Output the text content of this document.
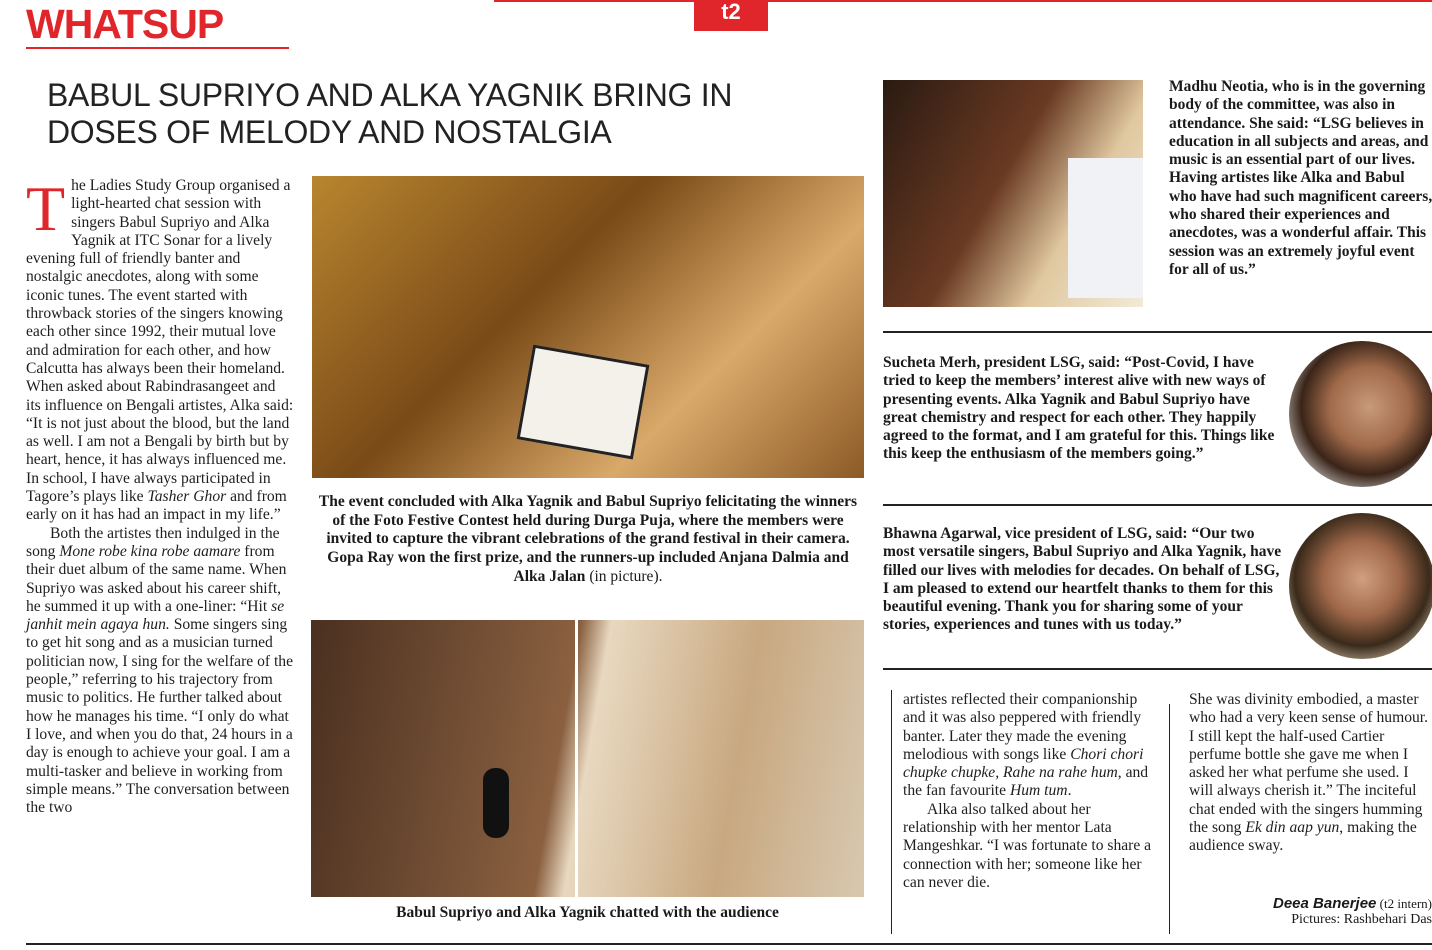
WHATSUP	t2
BABUL SUPRIYO AND ALKA YAGNIK BRING IN
DOSES OF MELODY AND NOSTALGIA

The Ladies Study Group organised a light-hearted chat session with singers Babul Supriyo and Alka Yagnik at ITC Sonar for a lively evening full of friendly banter and nostalgic anecdotes, along with some iconic tunes. The event started with throwback stories of the singers knowing each other since 1992, their mutual love and admiration for each other, and how Calcutta has always been their homeland. When asked about Rabindrasangeet and its influence on Bengali artistes, Alka said: “It is not just about the blood, but the land as well. I am not a Bengali by birth but by heart, hence, it has always influenced me. In school, I have always participated in Tagore’s plays like Tasher Ghor and from early on it has had an impact in my life.”

Both the artistes then indulged in the song Mone robe kina robe aamare from their duet album of the same name. When Supriyo was asked about his career shift, he summed it up with a one-liner: “Hit se janhit mein agaya hun. Some singers sing to get hit song and as a musician turned politician now, I sing for the welfare of the people,” referring to his trajectory from music to politics. He further talked about how he manages his time. “I only do what I love, and when you do that, 24 hours in a day is enough to achieve your goal. I am a multi-tasker and believe in working from simple means.” The conversation between the two

The event concluded with Alka Yagnik and Babul Supriyo felicitating the winners of the Foto Festive Contest held during Durga Puja, where the members were invited to capture the vibrant celebrations of the grand festival in their camera. Gopa Ray won the first prize, and the runners-up included Anjana Dalmia and Alka Jalan (in picture).
Babul Supriyo and Alka Yagnik chatted with the audience
Madhu Neotia, who is in the governing body of the committee, was also in attendance. She said: “LSG believes in education in all subjects and areas, and music is an essential part of our lives. Having artistes like Alka and Babul who have had such magnificent careers, who shared their experiences and anecdotes, was a wonderful affair. This session was an extremely joyful event for all of us.”
Sucheta Merh, president LSG, said: “Post-Covid, I have tried to keep the members’ interest alive with new ways of presenting events. Alka Yagnik and Babul Supriyo have great chemistry and respect for each other. They happily agreed to the format, and I am grateful for this. Things like this keep the enthusiasm of the members going.”
Bhawna Agarwal, vice president of LSG, said: “Our two most versatile singers, Babul Supriyo and Alka Yagnik, have filled our lives with melodies for decades. On behalf of LSG, I am pleased to extend our heartfelt thanks to them for this beautiful evening. Thank you for sharing some of your stories, experiences and tunes with us today.”

artistes reflected their companionship and it was also peppered with friendly banter. Later they made the evening melodious with songs like Chori chori chupke chupke, Rahe na rahe hum, and the fan favourite Hum tum.

Alka also talked about her relationship with her mentor Lata Mangeshkar. “I was fortunate to share a connection with her; someone like her can never die.

She was divinity embodied, a master who had a very keen sense of humour. I still kept the half-used Cartier perfume bottle she gave me when I asked her what perfume she used. I will always cherish it.” The inciteful chat ended with the singers humming the song Ek din aap yun, making the audience sway.

Deea Banerjee (t2 intern)
Pictures: Rashbehari Das
